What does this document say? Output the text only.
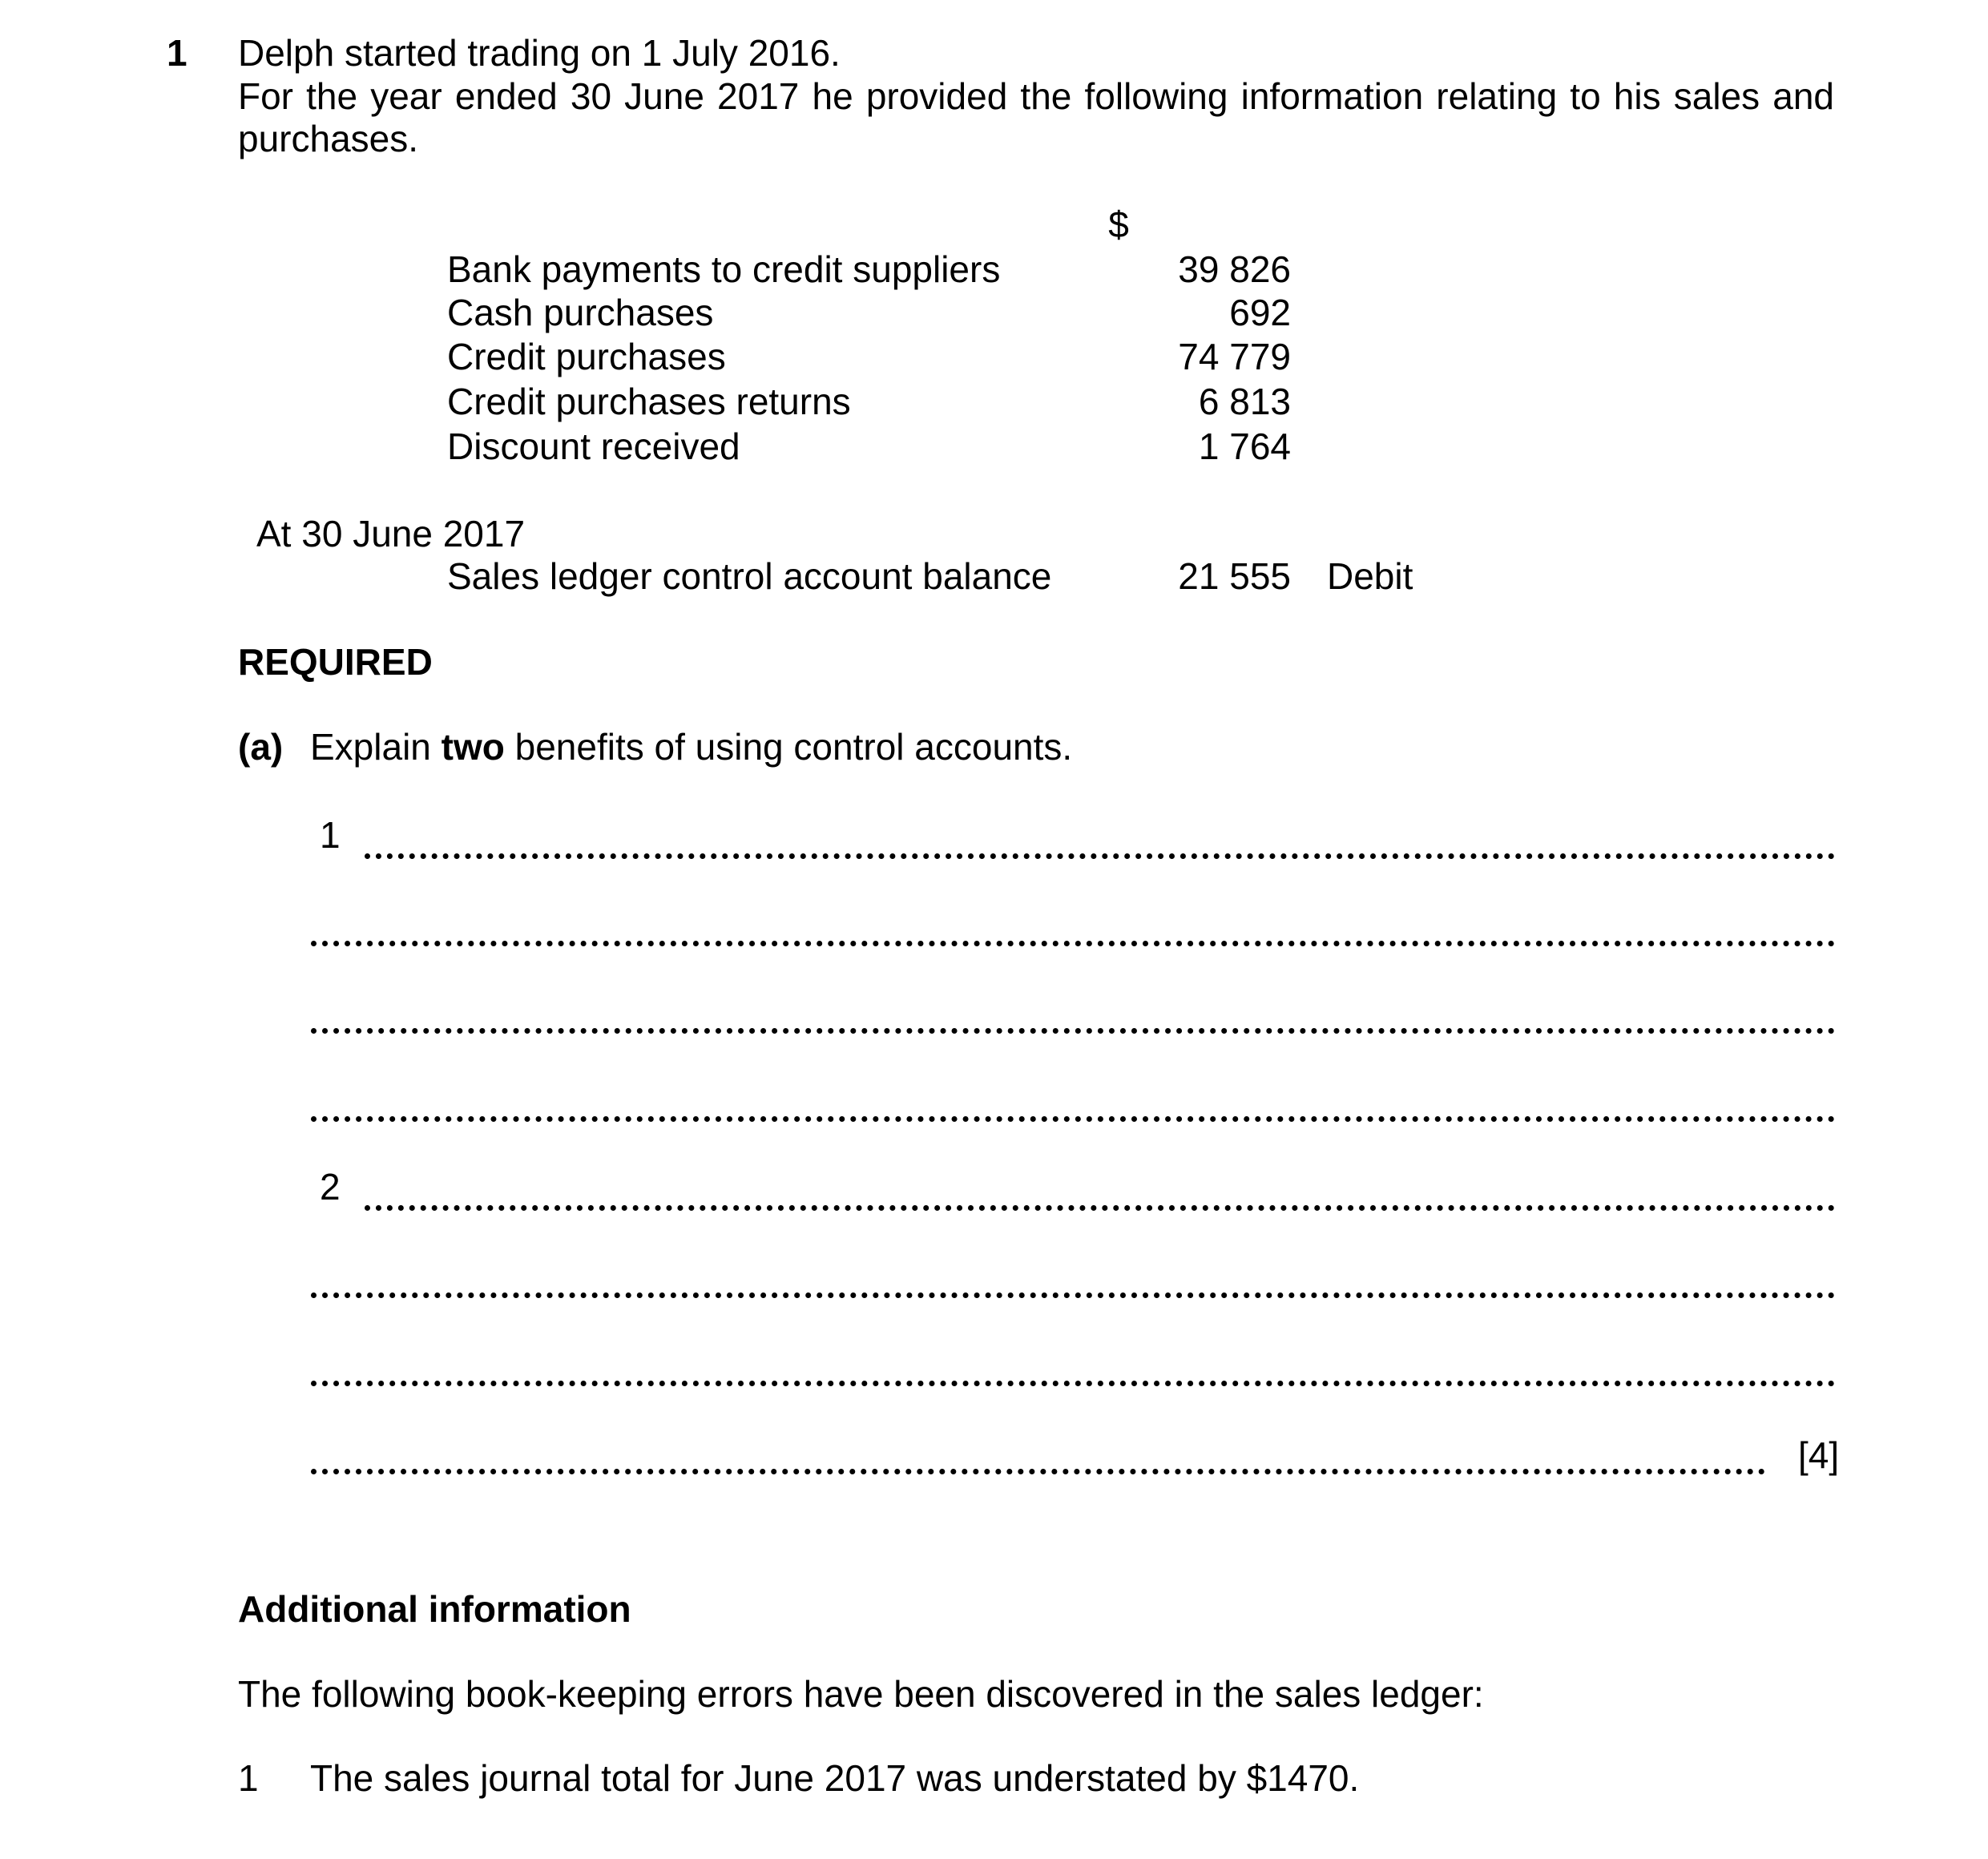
1 Delph started trading on 1 July 2016.
For the year ended 30 June 2017 he provided the following information relating to his sales and
purchases.
$
Bank payments to credit suppliers	39 826
Cash purchases	692
Credit purchases	74 779
Credit purchases returns	6 813
Discount received	1 764
At 30 June 2017
Sales ledger control account balance	21 555 Debit
REQUIRED
(a) Explain two benefits of using control accounts.
1
2
[4]
Additional information
The following book-keeping errors have been discovered in the sales ledger:
1 The sales journal total for June 2017 was understated by $1470.
